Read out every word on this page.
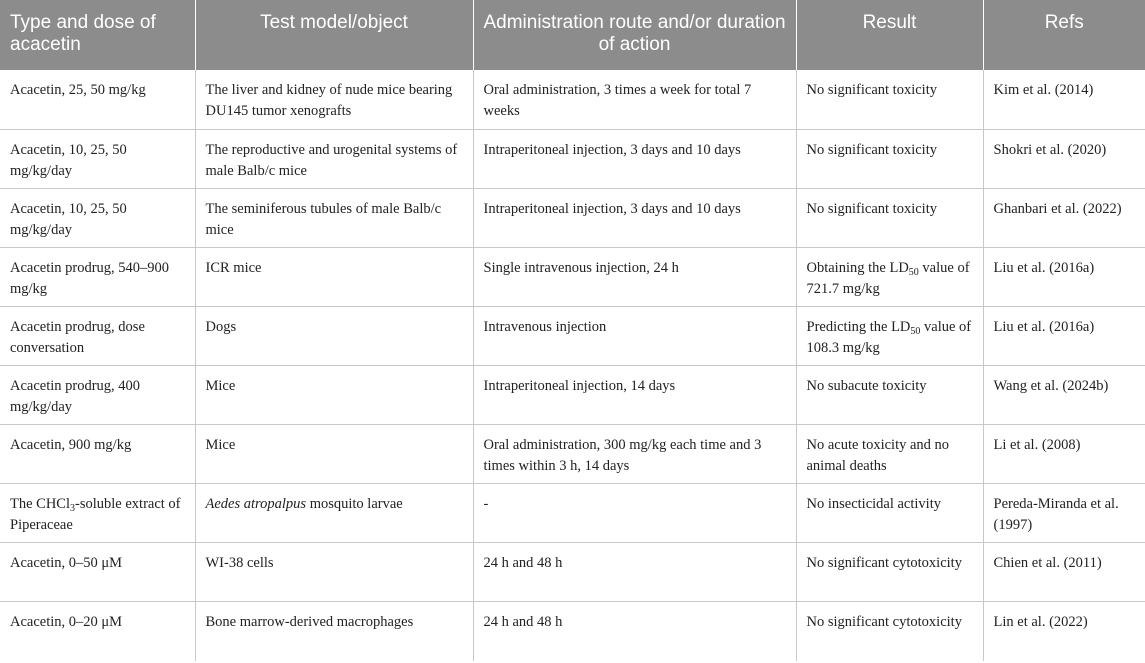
Type and dose of acacetin	Test model/object	Administration route and/or duration of action	Result	Refs
Acacetin, 25, 50 mg/kg	The liver and kidney of nude mice bearing DU145 tumor xenografts	Oral administration, 3 times a week for total 7 weeks	No significant toxicity	Kim et al. (2014)
Acacetin, 10, 25, 50 mg/kg/day	The reproductive and urogenital systems of male Balb/c mice	Intraperitoneal injection, 3 days and 10 days	No significant toxicity	Shokri et al. (2020)
Acacetin, 10, 25, 50 mg/kg/day	The seminiferous tubules of male Balb/c mice	Intraperitoneal injection, 3 days and 10 days	No significant toxicity	Ghanbari et al. (2022)
Acacetin prodrug, 540–900 mg/kg	ICR mice	Single intravenous injection, 24 h	Obtaining the $LD_{50}$ value of 721.7 mg/kg	Liu et al. (2016a)
Acacetin prodrug, dose conversation	Dogs	Intravenous injection	Predicting the $LD_{50}$ value of 108.3 mg/kg	Liu et al. (2016a)
Acacetin prodrug, 400 mg/kg/day	Mice	Intraperitoneal injection, 14 days	No subacute toxicity	Wang et al. (2024b)
Acacetin, 900 mg/kg	Mice	Oral administration, 300 mg/kg each time and 3 times within 3 h, 14 days	No acute toxicity and no animal deaths	Li et al. (2008)
The CHCl$_3$-soluble extract of Piperaceae	Aedes atropalpus mosquito larvae	-	No insecticidal activity	Pereda-Miranda et al. (1997)
Acacetin, 0–50 μM	WI-38 cells	24 h and 48 h	No significant cytotoxicity	Chien et al. (2011)
Acacetin, 0–20 μM	Bone marrow-derived macrophages	24 h and 48 h	No significant cytotoxicity	Lin et al. (2022)
